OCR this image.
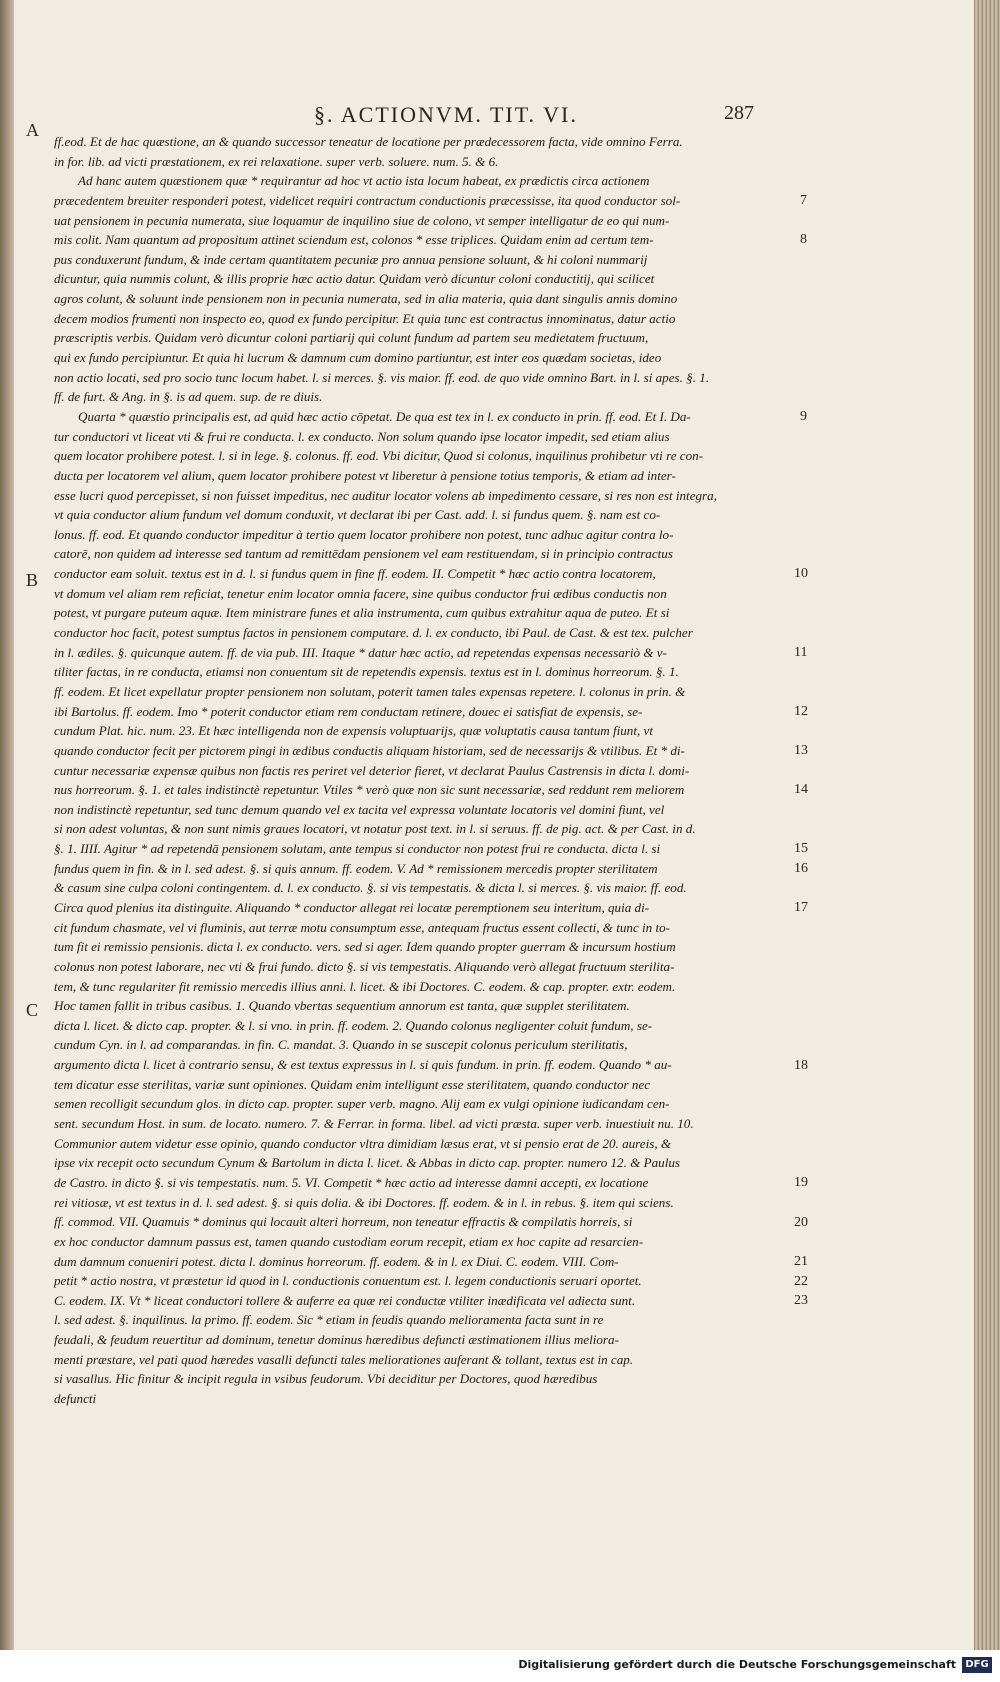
§. ACTIONVM. TIT. VI.	287
A
B
C
ff.eod. Et de hac quæstione, an & quando successor teneatur de locatione per prædecessorem facta, vide omnino Ferra.
in for. lib. ad victi præstationem, ex rei relaxatione. super verb. soluere. num. 5. & 6.
Ad hanc autem quæstionem quæ * requirantur ad hoc vt actio ista locum habeat, ex prædictis circa actionem
præcedentem breuiter responderi potest, videlicet requiri contractum conductionis præcessisse, ita quod conductor sol-
uat pensionem in pecunia numerata, siue loquamur de inquilino siue de colono, vt semper intelligatur de eo qui num-
mis colit. Nam quantum ad propositum attinet sciendum est, colonos * esse triplices. Quidam enim ad certum tem-
pus conduxerunt fundum, & inde certam quantitatem pecuniæ pro annua pensione soluunt, & hi coloni nummarij
dicuntur, quia nummis colunt, & illis proprie hæc actio datur. Quidam verò dicuntur coloni conductitij, qui scilicet
agros colunt, & soluunt inde pensionem non in pecunia numerata, sed in alia materia, quia dant singulis annis domino
decem modios frumenti non inspecto eo, quod ex fundo percipitur. Et quia tunc est contractus innominatus, datur actio
præscriptis verbis. Quidam verò dicuntur coloni partiarij qui colunt fundum ad partem seu medietatem fructuum,
qui ex fundo percipiuntur. Et quia hi lucrum & damnum cum domino partiuntur, est inter eos quædam societas, ideo
non actio locati, sed pro socio tunc locum habet. l. si merces. §. vis maior. ff. eod. de quo vide omnino Bart. in l. si apes. §. 1.
ff. de furt. & Ang. in §. is ad quem. sup. de re diuis.
Quarta * quæstio principalis est, ad quid hæc actio cōpetat. De qua est tex in l. ex conducto in prin. ff. eod. Et I. Da-
tur conductori vt liceat vti & frui re conducta. l. ex conducto. Non solum quando ipse locator impedit, sed etiam alius
quem locator prohibere potest. l. si in lege. §. colonus. ff. eod. Vbi dicitur, Quod si colonus, inquilinus prohibetur vti re con-
ducta per locatorem vel alium, quem locator prohibere potest vt liberetur à pensione totius temporis, & etiam ad inter-
esse lucri quod percepisset, si non fuisset impeditus, nec auditur locator volens ab impedimento cessare, si res non est integra,
vt quia conductor alium fundum vel domum conduxit, vt declarat ibi per Cast. add. l. si fundus quem. §. nam est co-
lonus. ff. eod. Et quando conductor impeditur à tertio quem locator prohibere non potest, tunc adhuc agitur contra lo-
catorē, non quidem ad interesse sed tantum ad remittēdam pensionem vel eam restituendam, si in principio contractus
conductor eam soluit. textus est in d. l. si fundus quem in fine ff. eodem. II. Competit * hæc actio contra locatorem,
vt domum vel aliam rem reficiat, tenetur enim locator omnia facere, sine quibus conductor frui ædibus conductis non
potest, vt purgare puteum aquæ. Item ministrare funes et alia instrumenta, cum quibus extrahitur aqua de puteo. Et si
conductor hoc facit, potest sumptus factos in pensionem computare. d. l. ex conducto, ibi Paul. de Cast. & est tex. pulcher
in l. ædiles. §. quicunque autem. ff. de via pub. III. Itaque * datur hæc actio, ad repetendas expensas necessariò & v-
tiliter factas, in re conducta, etiamsi non conuentum sit de repetendis expensis. textus est in l. dominus horreorum. §. 1.
ff. eodem. Et licet expellatur propter pensionem non solutam, poterit tamen tales expensas repetere. l. colonus in prin. &
ibi Bartolus. ff. eodem. Imo * poterit conductor etiam rem conductam retinere, douec ei satisfiat de expensis, se-
cundum Plat. hic. num. 23. Et hæc intelligenda non de expensis voluptuarijs, quæ voluptatis causa tantum fiunt, vt
quando conductor fecit per pictorem pingi in ædibus conductis aliquam historiam, sed de necessarijs & vtilibus. Et * di-
cuntur necessariæ expensæ quibus non factis res periret vel deterior fieret, vt declarat Paulus Castrensis in dicta l. domi-
nus horreorum. §. 1. et tales indistinctè repetuntur. Vtiles * verò quæ non sic sunt necessariæ, sed reddunt rem meliorem
non indistinctè repetuntur, sed tunc demum quando vel ex tacita vel expressa voluntate locatoris vel domini fiunt, vel
si non adest voluntas, & non sunt nimis graues locatori, vt notatur post text. in l. si seruus. ff. de pig. act. & per Cast. in d.
§. 1. IIII. Agitur * ad repetendā pensionem solutam, ante tempus si conductor non potest frui re conducta. dicta l. si
fundus quem in fin. & in l. sed adest. §. si quis annum. ff. eodem. V. Ad * remissionem mercedis propter sterilitatem
& casum sine culpa coloni contingentem. d. l. ex conducto. §. si vis tempestatis. & dicta l. si merces. §. vis maior. ff. eod.
Circa quod plenius ita distinguite. Aliquando * conductor allegat rei locatæ peremptionem seu interitum, quia di-
cit fundum chasmate, vel vi fluminis, aut terræ motu consumptum esse, antequam fructus essent collecti, & tunc in to-
tum fit ei remissio pensionis. dicta l. ex conducto. vers. sed si ager. Idem quando propter guerram & incursum hostium
colonus non potest laborare, nec vti & frui fundo. dicto §. si vis tempestatis. Aliquando verò allegat fructuum sterilita-
tem, & tunc regulariter fit remissio mercedis illius anni. l. licet. & ibi Doctores. C. eodem. & cap. propter. extr. eodem.
Hoc tamen fallit in tribus casibus. 1. Quando vbertas sequentium annorum est tanta, quæ supplet sterilitatem.
dicta l. licet. & dicto cap. propter. & l. si vno. in prin. ff. eodem. 2. Quando colonus negligenter coluit fundum, se-
cundum Cyn. in l. ad comparandas. in fin. C. mandat. 3. Quando in se suscepit colonus periculum sterilitatis,
argumento dicta l. licet à contrario sensu, & est textus expressus in l. si quis fundum. in prin. ff. eodem. Quando * au-
tem dicatur esse sterilitas, variæ sunt opiniones. Quidam enim intelligunt esse sterilitatem, quando conductor nec
semen recolligit secundum glos. in dicto cap. propter. super verb. magno. Alij eam ex vulgi opinione iudicandam cen-
sent. secundum Host. in sum. de locato. numero. 7. & Ferrar. in forma. libel. ad victi præsta. super verb. inuestiuit nu. 10.
Communior autem videtur esse opinio, quando conductor vltra dimidiam læsus erat, vt si pensio erat de 20. aureis, &
ipse vix recepit octo secundum Cynum & Bartolum in dicta l. licet. & Abbas in dicto cap. propter. numero 12. & Paulus
de Castro. in dicto §. si vis tempestatis. num. 5. VI. Competit * hæc actio ad interesse damni accepti, ex locatione
rei vitiosæ, vt est textus in d. l. sed adest. §. si quis dolia. & ibi Doctores. ff. eodem. & in l. in rebus. §. item qui sciens.
ff. commod. VII. Quamuis * dominus qui locauit alteri horreum, non teneatur effractis & compilatis horreis, si
ex hoc conductor damnum passus est, tamen quando custodiam eorum recepit, etiam ex hoc capite ad resarcien-
dum damnum conueniri potest. dicta l. dominus horreorum. ff. eodem. & in l. ex Diui. C. eodem. VIII. Com-
petit * actio nostra, vt præstetur id quod in l. conductionis conuentum est. l. legem conductionis seruari oportet.
C. eodem. IX. Vt * liceat conductori tollere & auferre ea quæ rei conductæ vtiliter inædificata vel adiecta sunt.
l. sed adest. §. inquilinus. la primo. ff. eodem. Sic * etiam in feudis quando melioramenta facta sunt in re
feudali, & feudum reuertitur ad dominum, tenetur dominus hæredibus defuncti æstimationem illius meliora-
menti præstare, vel pati quod hæredes vasalli defuncti tales meliorationes auferant & tollant, textus est in cap.
si vasallus. Hic finitur & incipit regula in vsibus feudorum. Vbi deciditur per Doctores, quod hæredibus
defuncti
7
8
9
10
11
12
13
14
15
16
17
18
19
20
21
22
23
Digitalisierung gefördert durch die Deutsche Forschungsgemeinschaft DFG
